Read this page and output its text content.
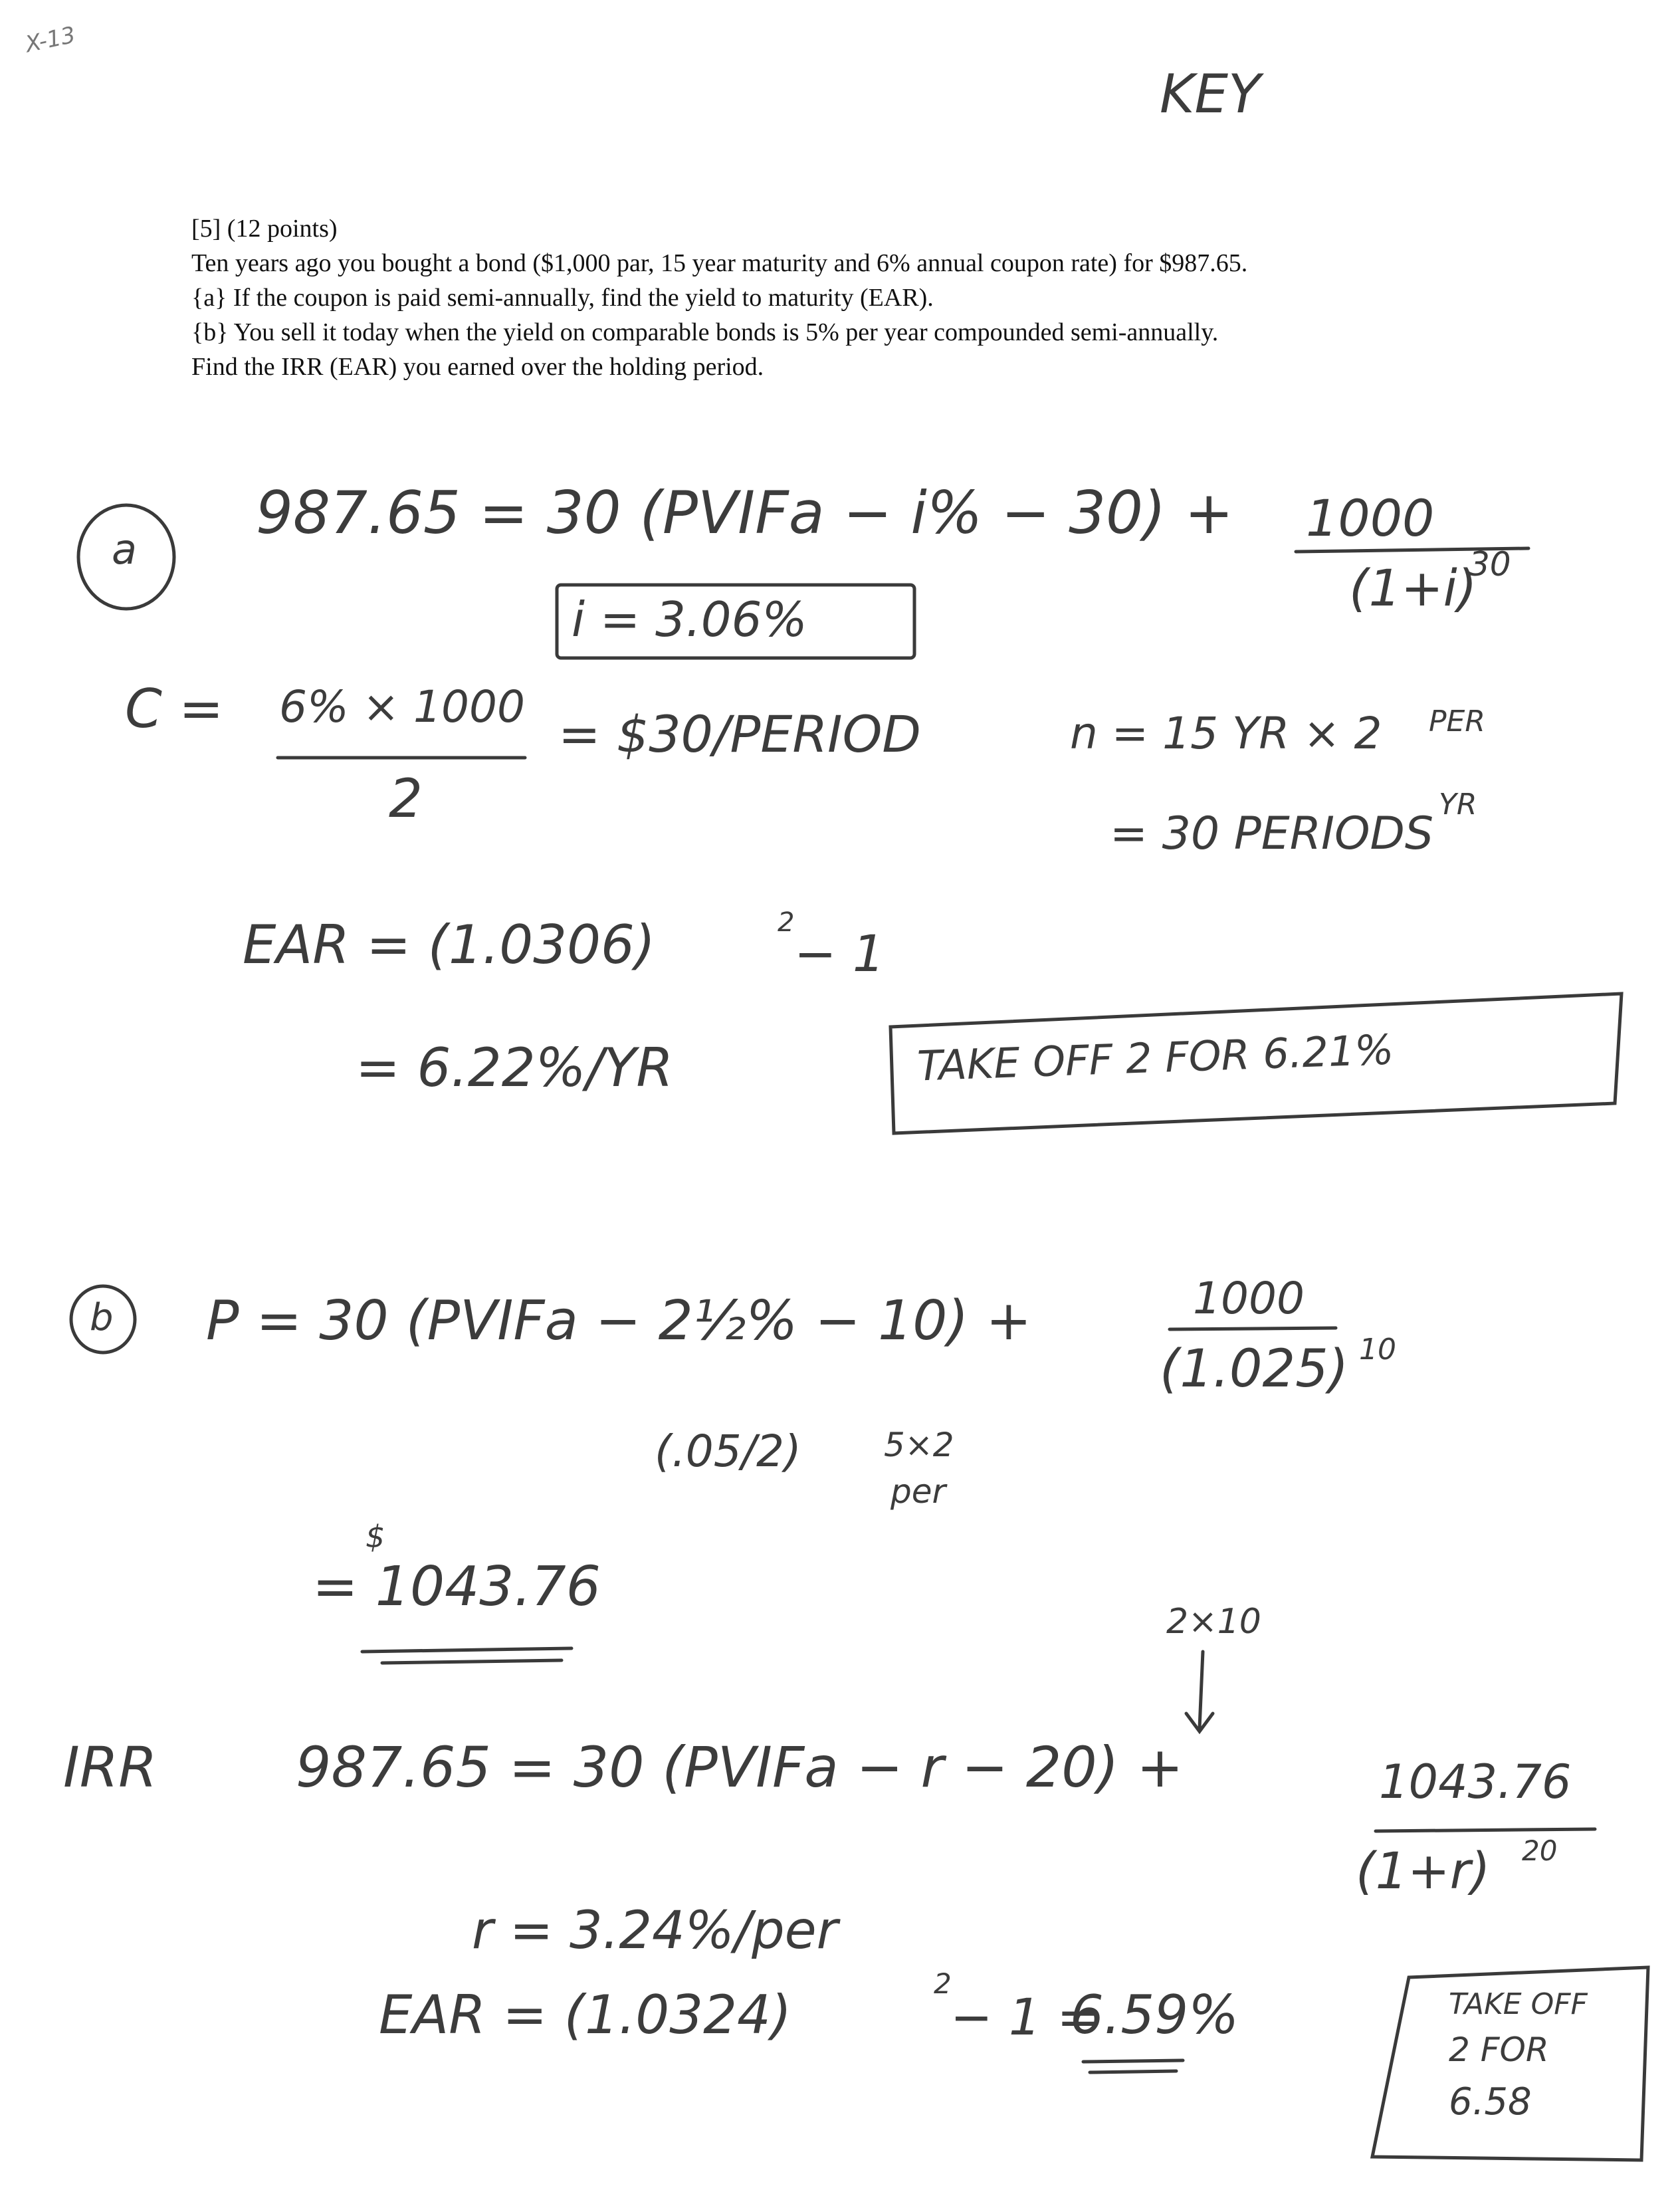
X-13
KEY
[5] (12 points)
Ten years ago you bought a bond ($1,000 par, 15 year maturity and 6% annual coupon rate) for $987.65.
{a} If the coupon is paid semi-annually, find the yield to maturity (EAR).
{b} You sell it today when the yield on comparable bonds is 5% per year compounded semi-annually.
Find the IRR (EAR) you earned over the holding period.
a
987.65 = 30 (PVIFa − i% − 30) + 1000
(1+i)
30
i = 3.06%
C = 6% × 1000
2
= $30/PERIOD	n = 15 YR × 2 PER
YR
= 30 PERIODS
EAR = (1.0306)	2
− 1
= 6.22%/YR	TAKE OFF 2 FOR 6.21%
b P = 30 (PVIFa − 2½% − 10) +	1000
(1.025) 10
(.05/2) 5×2
per
$
= 1043.76
2×10
IRR 987.65 = 30 (PVIFa − r − 20) +	1043.76
(1+r) 20
r = 3.24%/per
EAR = (1.0324)
2
− 1 =
6.59%	TAKE OFF
2 FOR
6.58
